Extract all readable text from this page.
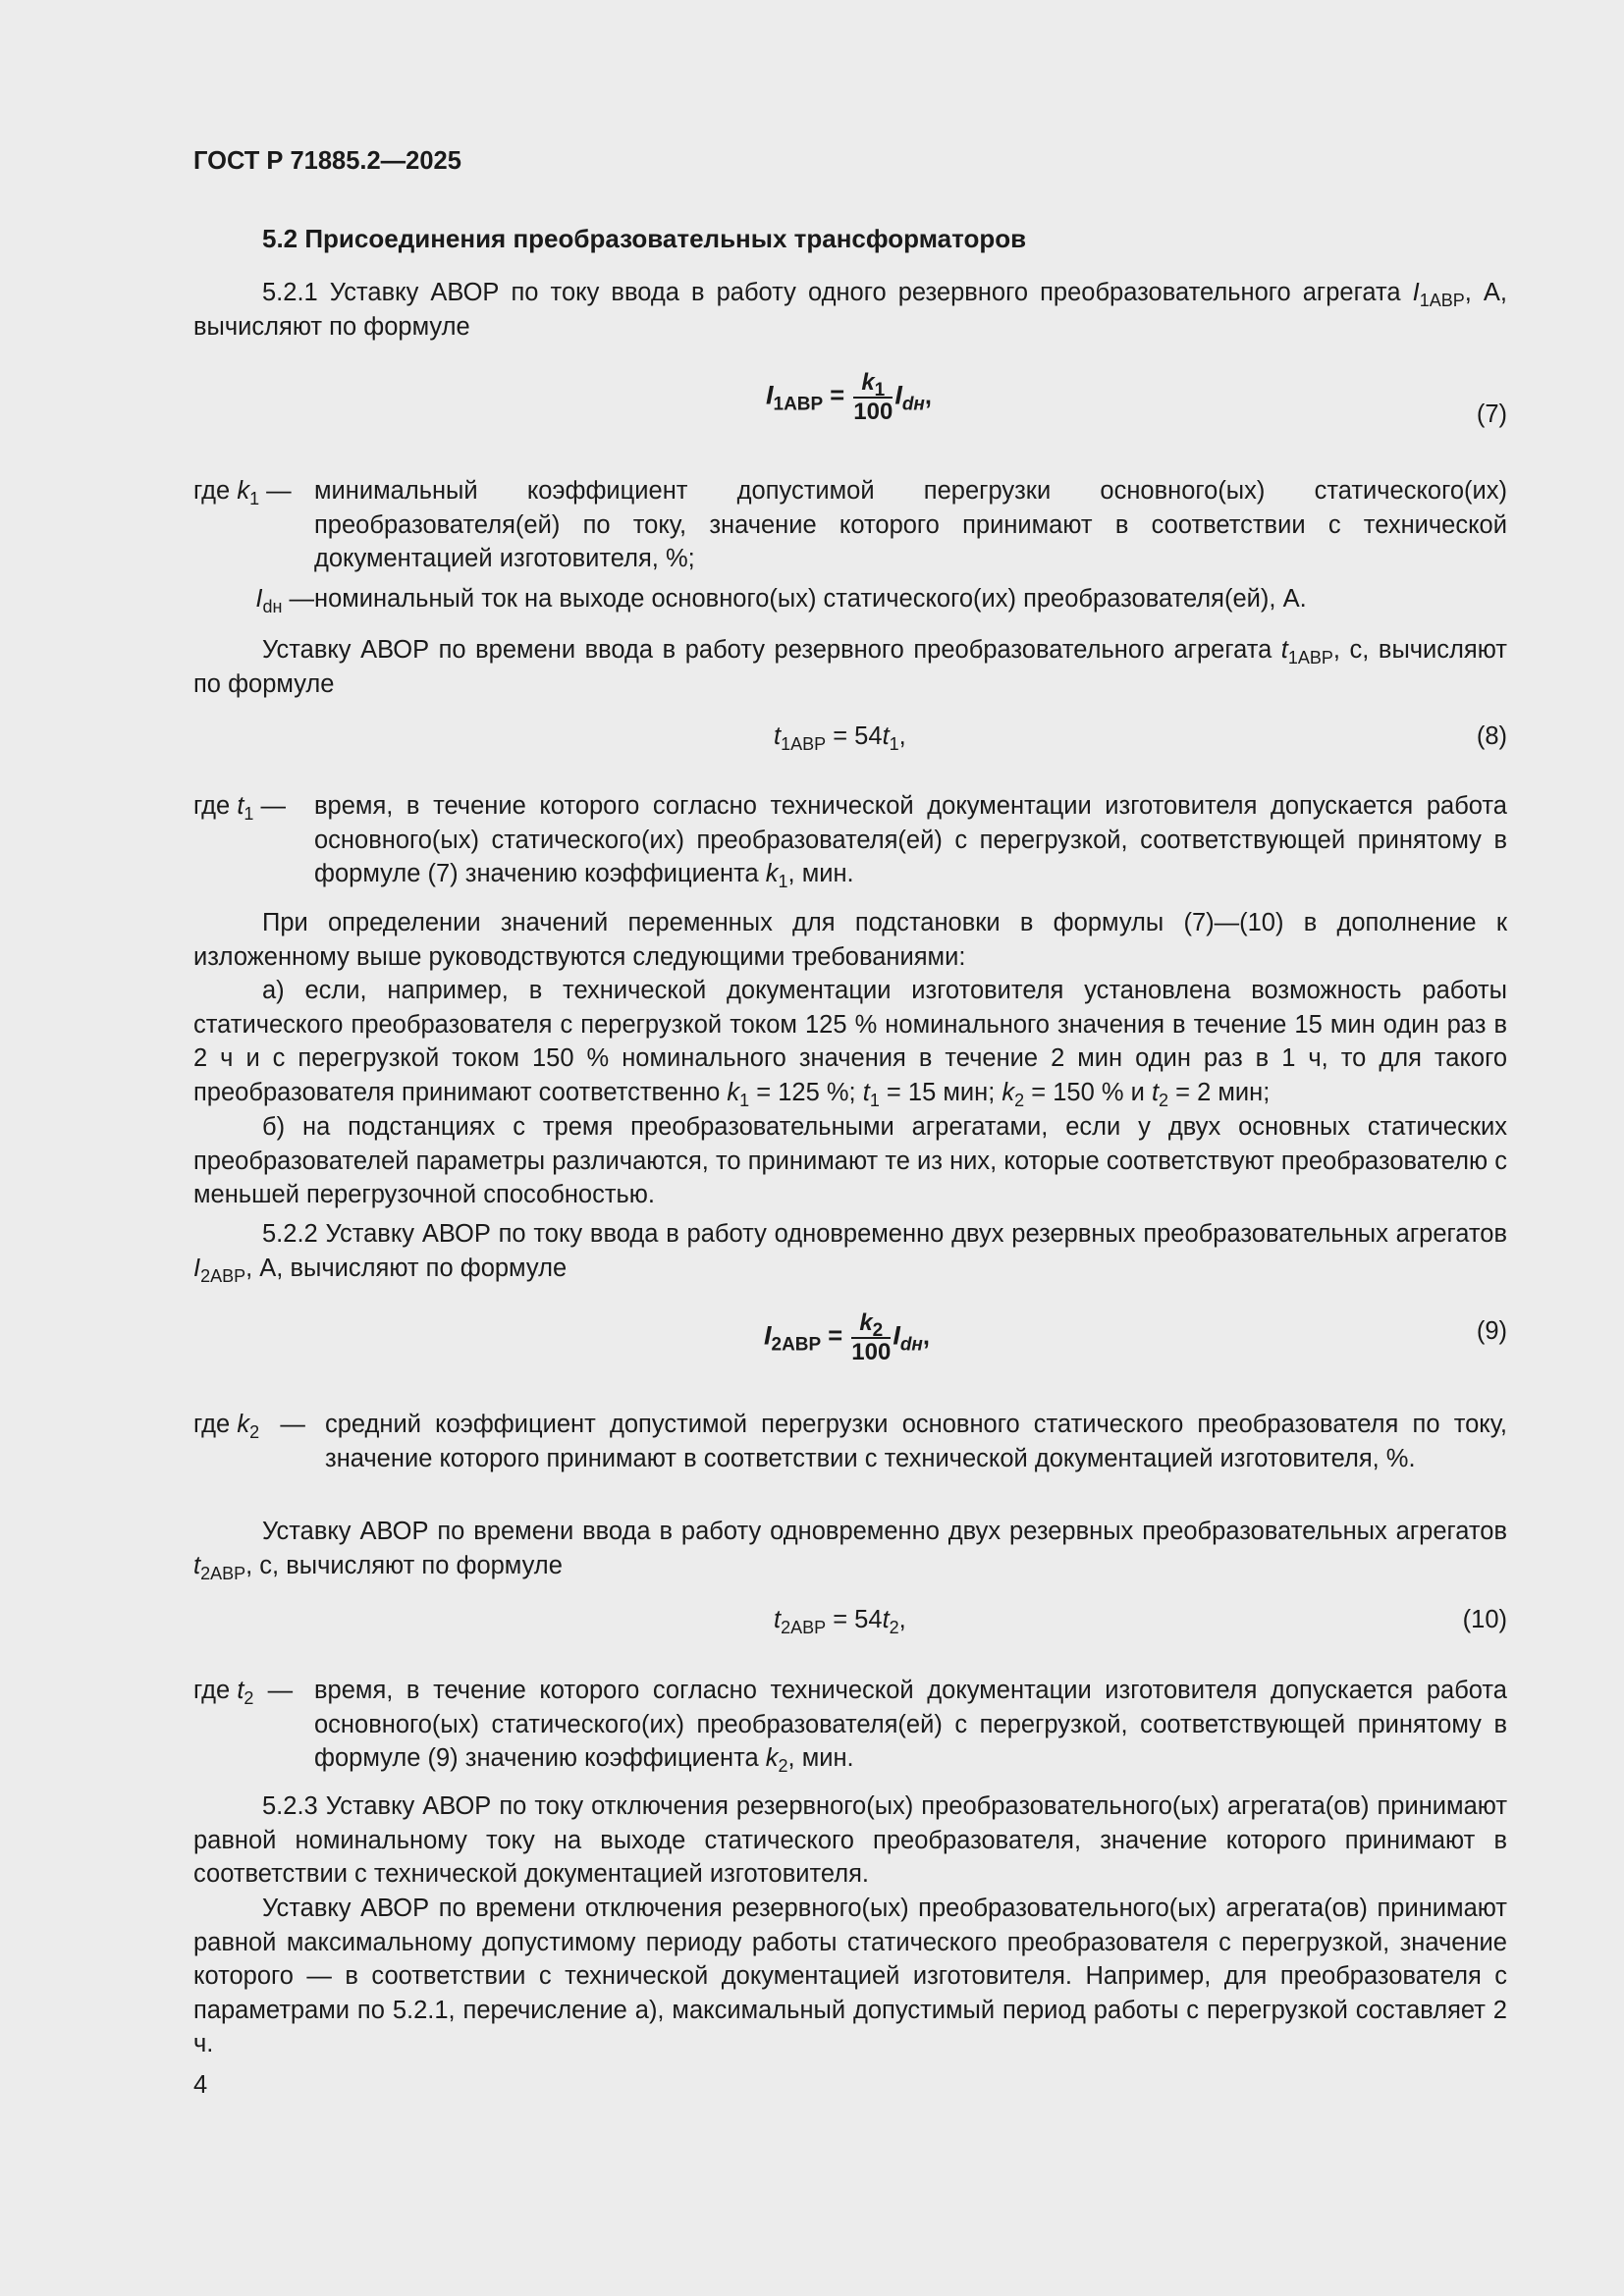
ГОСТ Р 71885.2—2025
5.2 Присоединения преобразовательных трансформаторов
5.2.1 Уставку АВОР по току ввода в работу одного резервного преобразовательного агрегата $I_{1АВР}$, А, вычисляют по формуле
$I_{1АВР} = \frac{k_1}{100} I_{dн}$,
(7)
где $k_1$ — минимальный коэффициент допустимой перегрузки основного(ых) статического(их) преобразователя(ей) по току, значение которого принимают в соответствии с технической документацией изготовителя, %;
$I_{dн}$ — номинальный ток на выходе основного(ых) статического(их) преобразователя(ей), А.
Уставку АВОР по времени ввода в работу резервного преобразовательного агрегата $t_{1АВР}$, с, вычисляют по формуле
$t_{1АВР} = 54t_1$,	(8)
где $t_1$ —	время, в течение которого согласно технической документации изготовителя допускается работа основного(ых) статического(их) преобразователя(ей) с перегрузкой, соответствующей принятому в формуле (7) значению коэффициента $k_1$, мин.
При определении значений переменных для подстановки в формулы (7)—(10) в дополнение к изложенному выше руководствуются следующими требованиями:
а) если, например, в технической документации изготовителя установлена возможность работы статического преобразователя с перегрузкой током 125 % номинального значения в течение 15 мин один раз в 2 ч и с перегрузкой током 150 % номинального значения в течение 2 мин один раз в 1 ч, то для такого преобразователя принимают соответственно $k_1 = 125$ %; $t_1 = 15$ мин; $k_2 = 150$ % и $t_2 = 2$ мин;
б) на подстанциях с тремя преобразовательными агрегатами, если у двух основных статических преобразователей параметры различаются, то принимают те из них, которые соответствуют преобразователю с меньшей перегрузочной способностью.
5.2.2 Уставку АВОР по току ввода в работу одновременно двух резервных преобразовательных агрегатов $I_{2АВР}$, А, вычисляют по формуле
$I_{2АВР} = \frac{k_2}{100} I_{dн}$,	(9)
где $k_2$   — средний коэффициент допустимой перегрузки основного статического преобразователя по току, значение которого принимают в соответствии с технической документацией изготовителя, %.
Уставку АВОР по времени ввода в работу одновременно двух резервных преобразовательных агрегатов $t_{2АВР}$, с, вычисляют по формуле
$t_{2АВР} = 54t_2$,	(10)
где $t_2$  — время, в течение которого согласно технической документации изготовителя допускается работа основного(ых) статического(их) преобразователя(ей) с перегрузкой, соответствующей принятому в формуле (9) значению коэффициента $k_2$, мин.
5.2.3 Уставку АВОР по току отключения резервного(ых) преобразовательного(ых) агрегата(ов) принимают равной номинальному току на выходе статического преобразователя, значение которого принимают в соответствии с технической документацией изготовителя.
Уставку АВОР по времени отключения резервного(ых) преобразовательного(ых) агрегата(ов) принимают равной максимальному допустимому периоду работы статического преобразователя с перегрузкой, значение которого — в соответствии с технической документацией изготовителя. Например, для преобразователя с параметрами по 5.2.1, перечисление а), максимальный допустимый период работы с перегрузкой составляет 2 ч.
4
